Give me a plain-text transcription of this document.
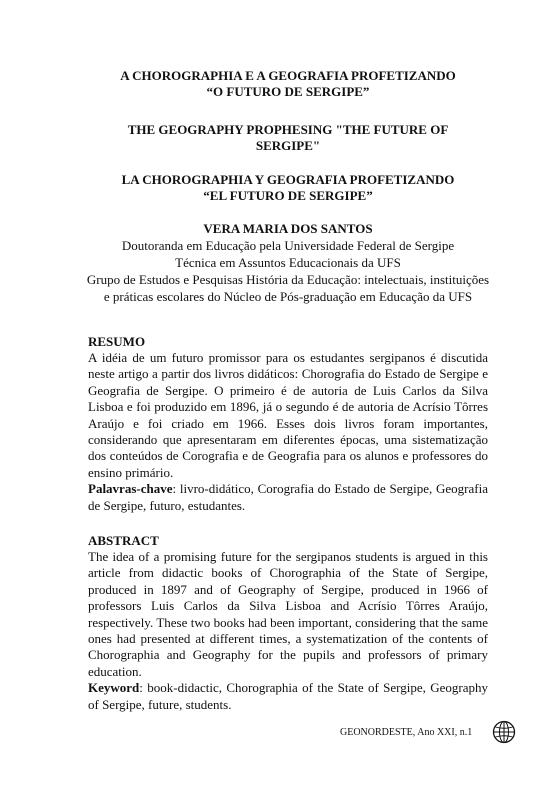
A CHOROGRAPHIA E A GEOGRAFIA PROFETIZANDO
“O FUTURO DE SERGIPE”
THE GEOGRAPHY PROPHESING "THE FUTURE OF
SERGIPE"
LA CHOROGRAPHIA Y GEOGRAFIA PROFETIZANDO
“EL FUTURO DE SERGIPE”
VERA MARIA DOS SANTOS
Doutoranda em Educação pela Universidade Federal de Sergipe
Técnica em Assuntos Educacionais da UFS
Grupo de Estudos e Pesquisas História da Educação: intelectuais, instituições e práticas escolares do Núcleo de Pós-graduação em Educação da UFS
RESUMO
A idéia de um futuro promissor para os estudantes sergipanos é discutida neste artigo a partir dos livros didáticos: Chorografia do Estado de Sergipe e Geografia de Sergipe. O primeiro é de autoria de Luis Carlos da Silva Lisboa e foi produzido em 1896, já o segundo é de autoria de Acrísio Tôrres Araújo e foi criado em 1966. Esses dois livros foram importantes, considerando que apresentaram em diferentes épocas, uma sistematização dos conteúdos de Corografia e de Geografia para os alunos e professores do ensino primário.
Palavras-chave: livro-didático, Corografia do Estado de Sergipe, Geografia de Sergipe, futuro, estudantes.
ABSTRACT
The idea of a promising future for the sergipanos students is argued in this article from didactic books of Chorographia of the State of Sergipe, produced in 1897 and of Geography of Sergipe, produced in 1966 of professors Luis Carlos da Silva Lisboa and Acrísio Tôrres Araújo, respectively. These two books had been important, considering that the same ones had presented at different times, a systematization of the contents of Chorographia and Geography for the pupils and professors of primary education.
Keyword: book-didactic, Chorographia of the State of Sergipe, Geography of Sergipe, future, students.
GEONORDESTE, Ano XXI, n.1
